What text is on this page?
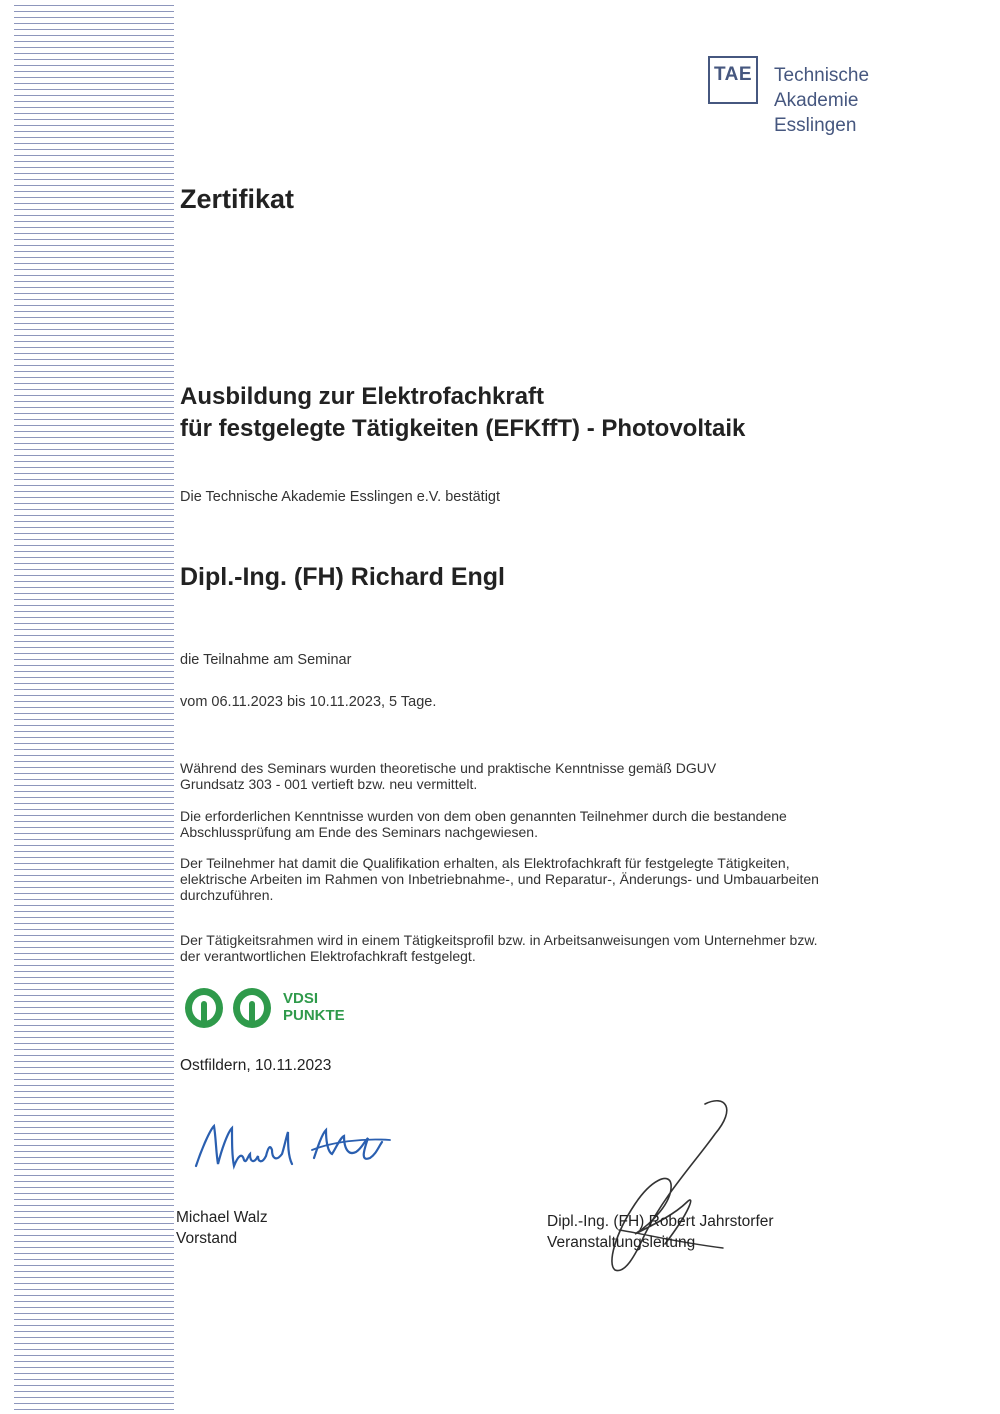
TAE	Technische
Akademie
Esslingen
Zertifikat
Ausbildung zur Elektrofachkraft
für festgelegte Tätigkeiten (EFKffT) - Photovoltaik

Die Technische Akademie Esslingen e.V. bestätigt

Dipl.-Ing. (FH) Richard Engl

die Teilnahme am Seminar

vom 06.11.2023 bis 10.11.2023, 5 Tage.

Während des Seminars wurden theoretische und praktische Kenntnisse gemäß DGUV
Grundsatz 303 - 001 vertieft bzw. neu vermittelt.
Die erforderlichen Kenntnisse wurden von dem oben genannten Teilnehmer durch die bestandene
Abschlussprüfung am Ende des Seminars nachgewiesen.
Der Teilnehmer hat damit die Qualifikation erhalten, als Elektrofachkraft für festgelegte Tätigkeiten,
elektrische Arbeiten im Rahmen von Inbetriebnahme-, und Reparatur-, Änderungs- und Umbauarbeiten
durchzuführen.
Der Tätigkeitsrahmen wird in einem Tätigkeitsprofil bzw. in Arbeitsanweisungen vom Unternehmer bzw.
der verantwortlichen Elektrofachkraft festgelegt.
VDSI
PUNKTE

Ostfildern, 10.11.2023

Michael Walz
Vorstand
Dipl.-Ing. (FH) Robert Jahrstorfer
Veranstaltungsleitung
